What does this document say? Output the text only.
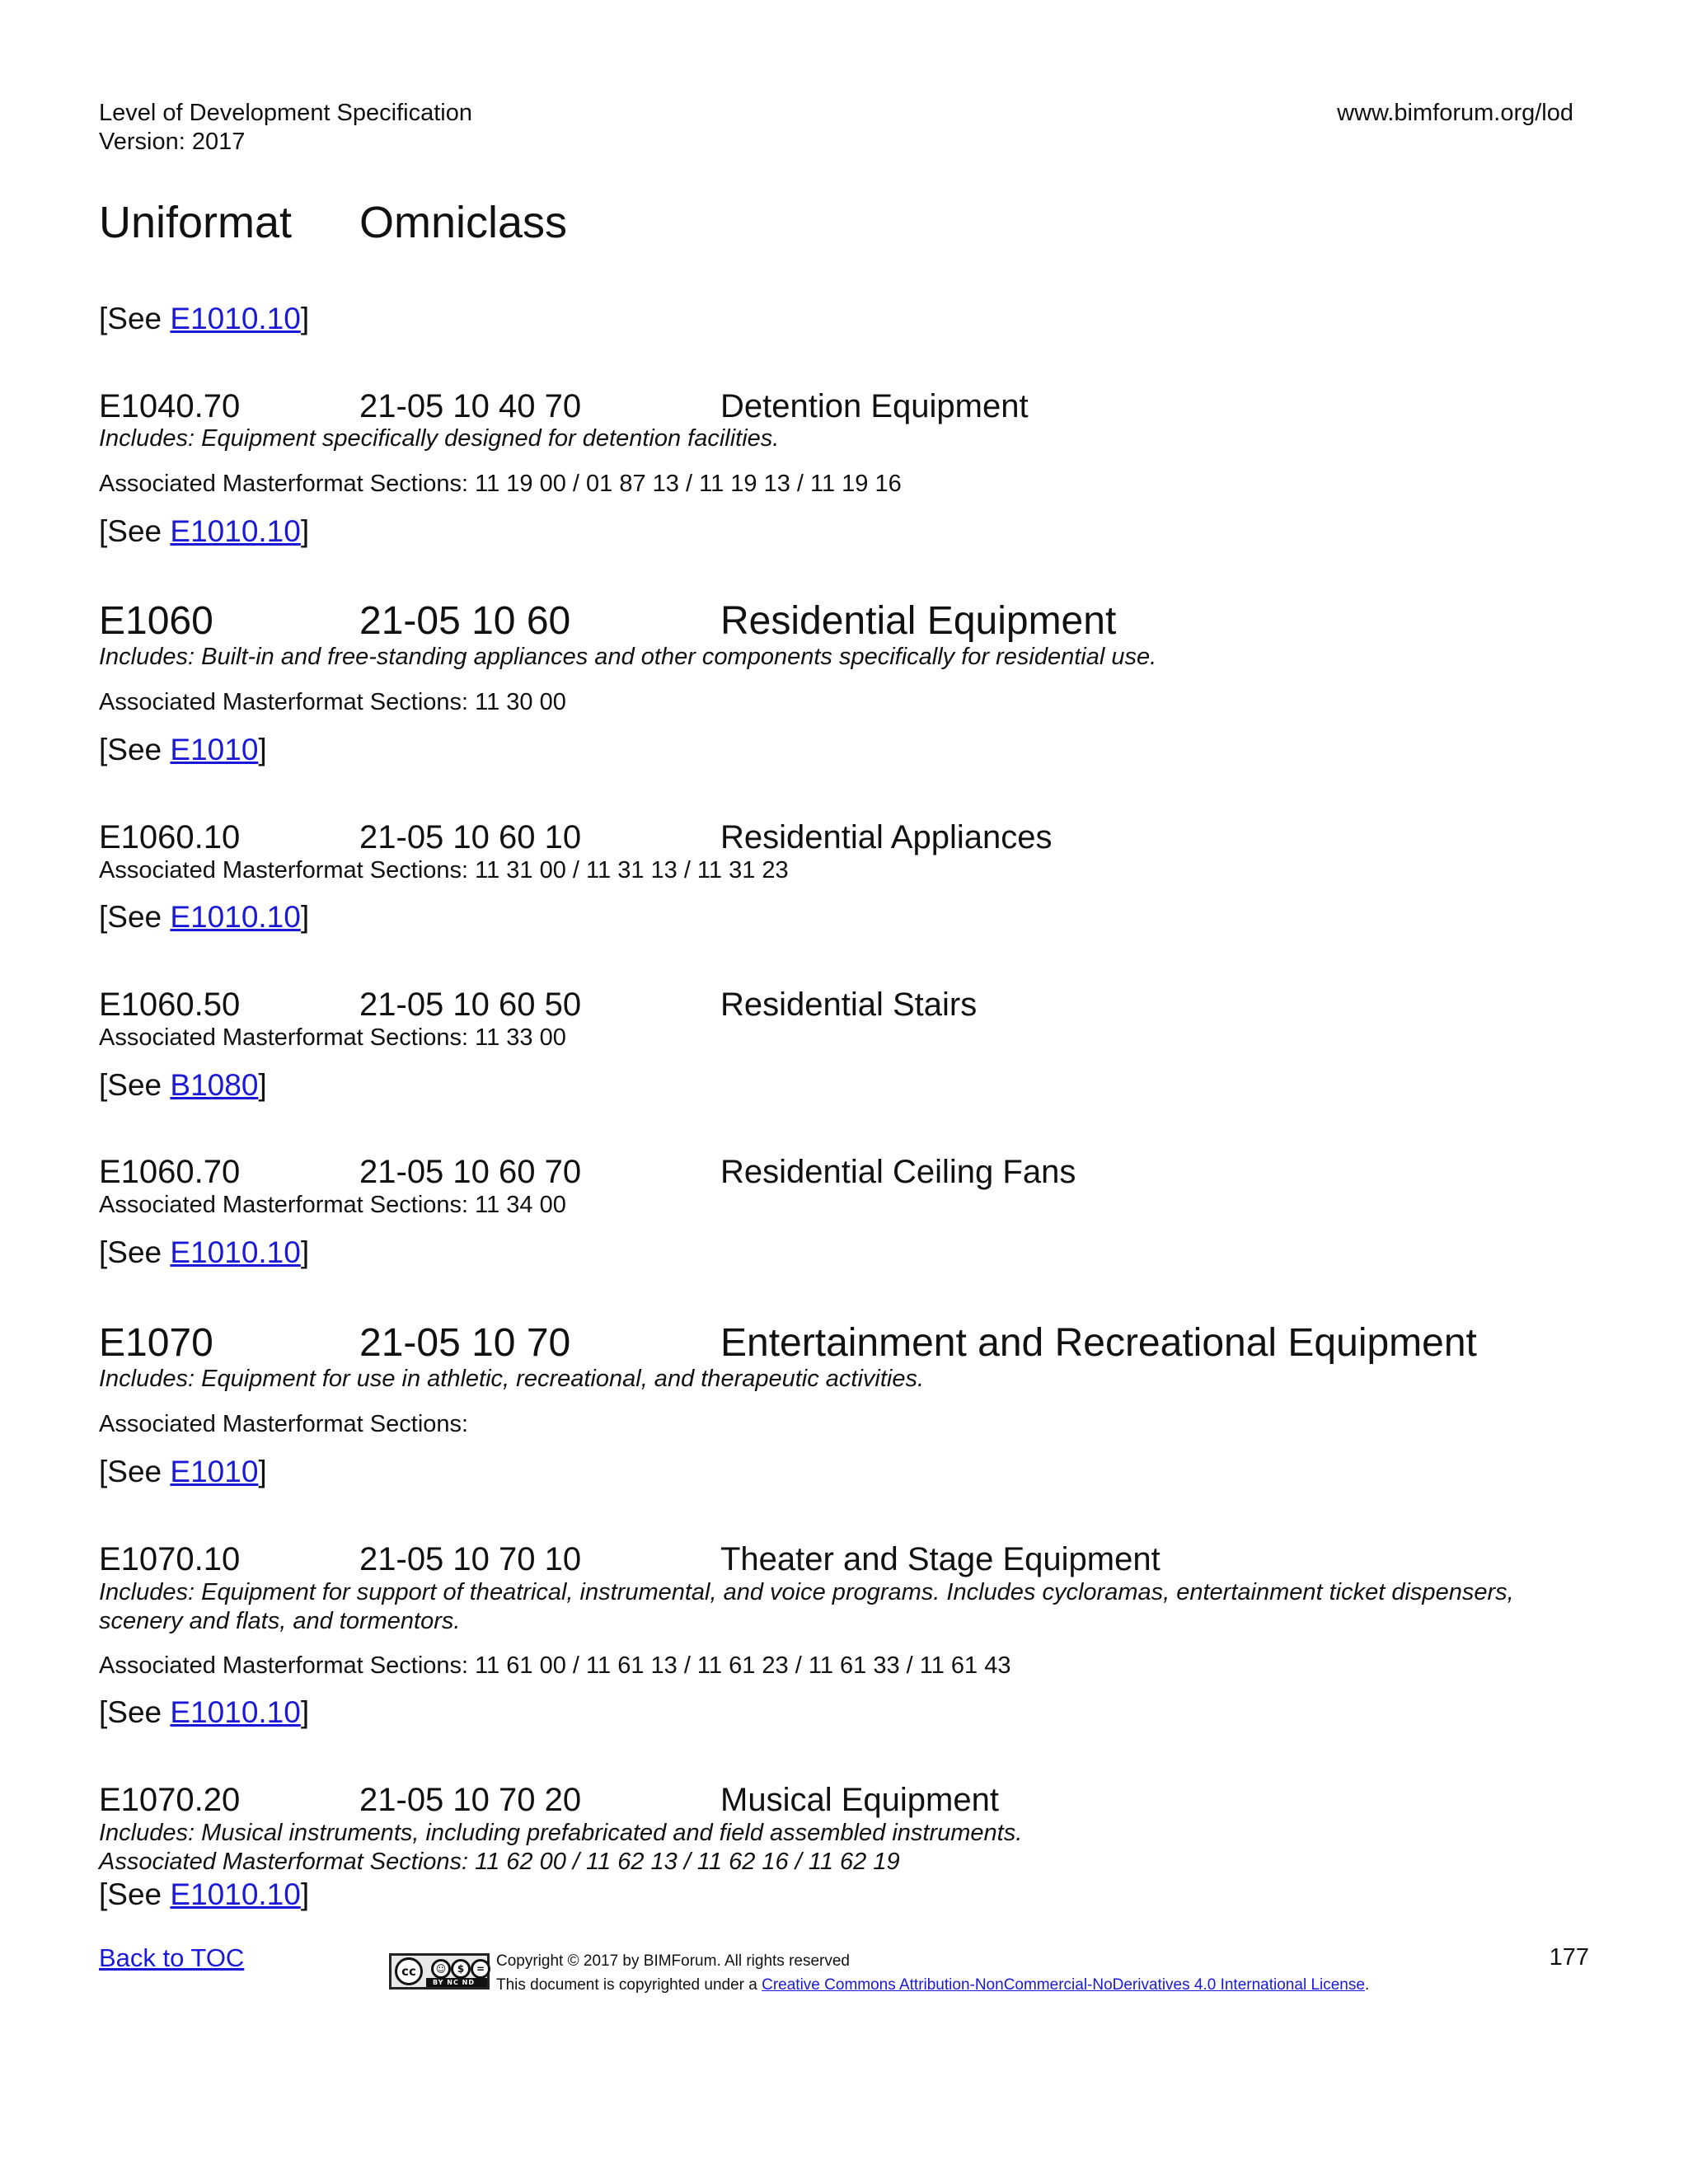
Level of Development Specification
Version: 2017
www.bimforum.org/lod
Uniformat Omniclass
[See E1010.10]
E1040.70	21-05 10 40 70	Detention Equipment
Includes: Equipment specifically designed for detention facilities.
Associated Masterformat Sections: 11 19 00 / 01 87 13 / 11 19 13 / 11 19 16
[See E1010.10]
E1060	21-05 10 60	Residential Equipment
Includes: Built-in and free-standing appliances and other components specifically for residential use.
Associated Masterformat Sections: 11 30 00
[See E1010]
E1060.10	21-05 10 60 10	Residential Appliances
Associated Masterformat Sections: 11 31 00 / 11 31 13 / 11 31 23
[See E1010.10]
E1060.50	21-05 10 60 50	Residential Stairs
Associated Masterformat Sections: 11 33 00
[See B1080]
E1060.70	21-05 10 60 70	Residential Ceiling Fans
Associated Masterformat Sections: 11 34 00
[See E1010.10]
E1070	21-05 10 70	Entertainment and Recreational Equipment
Includes: Equipment for use in athletic, recreational, and therapeutic activities.
Associated Masterformat Sections:
[See E1010]
E1070.10	21-05 10 70 10	Theater and Stage Equipment
Includes: Equipment for support of theatrical, instrumental, and voice programs. Includes cycloramas, entertainment ticket dispensers,
scenery and flats, and tormentors.
Associated Masterformat Sections: 11 61 00 / 11 61 13 / 11 61 23 / 11 61 33 / 11 61 43
[See E1010.10]
E1070.20	21-05 10 70 20	Musical Equipment
Includes: Musical instruments, including prefabricated and field assembled instruments.
Associated Masterformat Sections: 11 62 00 / 11 62 13 / 11 62 16 / 11 62 19
[See E1010.10]
Back to TOC	cc	☺	$	=
BY NC ND
Copyright © 2017 by BIMForum. All rights reserved
This document is copyrighted under a Creative Commons Attribution-NonCommercial-NoDerivatives 4.0 International License.
177
